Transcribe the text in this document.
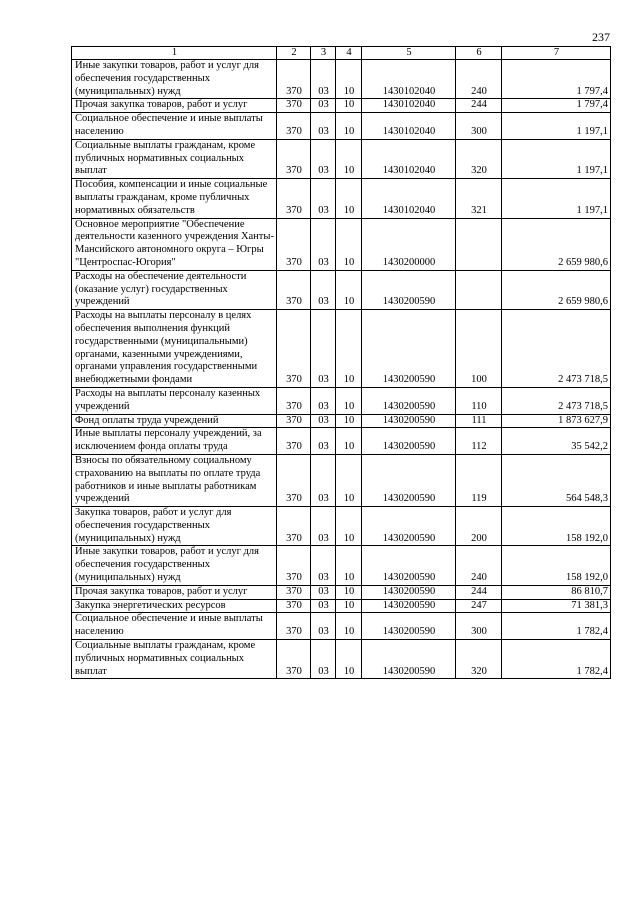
237
1	2	3	4	5	6	7
Иные закупки товаров, работ и услуг для обеспечения государственных (муниципальных) нужд	370	03	10	1430102040	240	1 797,4
Прочая закупка товаров, работ и услуг	370	03	10	1430102040	244	1 797,4
Социальное обеспечение и иные выплаты населению	370	03	10	1430102040	300	1 197,1
Социальные выплаты гражданам, кроме публичных нормативных социальных выплат	370	03	10	1430102040	320	1 197,1
Пособия, компенсации и иные социальные выплаты гражданам, кроме публичных нормативных обязательств	370	03	10	1430102040	321	1 197,1
Основное мероприятие "Обеспечение деятельности казенного учреждения Ханты-Мансийского автономного округа – Югры "Центроспас-Югория"	370	03	10	1430200000		2 659 980,6
Расходы на обеспечение деятельности (оказание услуг) государственных учреждений	370	03	10	1430200590		2 659 980,6
Расходы на выплаты персоналу в целях обеспечения выполнения функций государственными (муниципальными) органами, казенными учреждениями, органами управления государственными внебюджетными фондами	370	03	10	1430200590	100	2 473 718,5
Расходы на выплаты персоналу казенных учреждений	370	03	10	1430200590	110	2 473 718,5
Фонд оплаты труда учреждений	370	03	10	1430200590	111	1 873 627,9
Иные выплаты персоналу учреждений, за исключением фонда оплаты труда	370	03	10	1430200590	112	35 542,2
Взносы по обязательному социальному страхованию на выплаты по оплате труда работников и иные выплаты работникам учреждений	370	03	10	1430200590	119	564 548,3
Закупка товаров, работ и услуг для обеспечения государственных (муниципальных) нужд	370	03	10	1430200590	200	158 192,0
Иные закупки товаров, работ и услуг для обеспечения государственных (муниципальных) нужд	370	03	10	1430200590	240	158 192,0
Прочая закупка товаров, работ и услуг	370	03	10	1430200590	244	86 810,7
Закупка энергетических ресурсов	370	03	10	1430200590	247	71 381,3
Социальное обеспечение и иные выплаты населению	370	03	10	1430200590	300	1 782,4
Социальные выплаты гражданам, кроме публичных нормативных социальных выплат	370	03	10	1430200590	320	1 782,4
